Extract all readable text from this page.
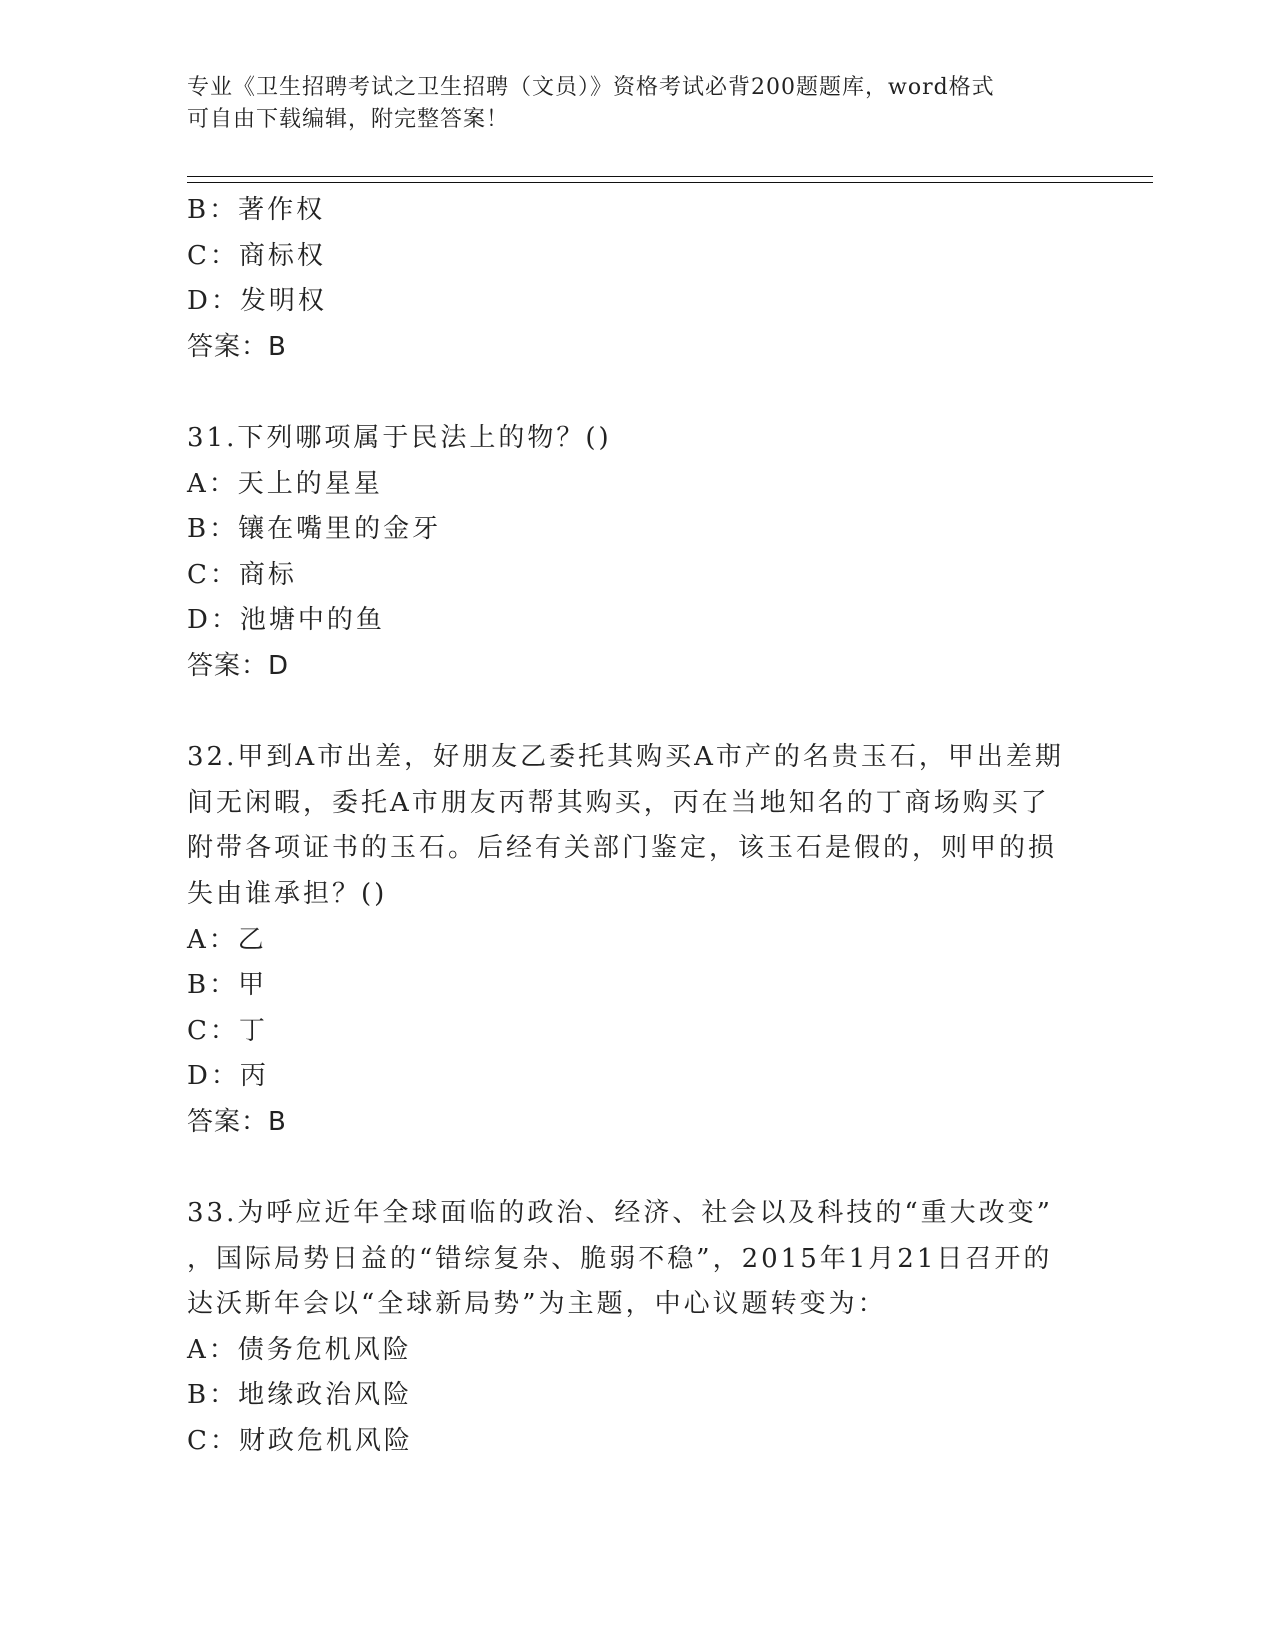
专业《卫生招聘考试之卫生招聘（文员）》资格考试必背200题题库，word格式
可自由下载编辑，附完整答案！
B：著作权
C：商标权
D：发明权
答案：B
31.下列哪项属于民法上的物？()
A：天上的星星
B：镶在嘴里的金牙
C：商标
D：池塘中的鱼
答案：D
32.甲到A市出差，好朋友乙委托其购买A市产的名贵玉石，甲出差期
间无闲暇，委托A市朋友丙帮其购买，丙在当地知名的丁商场购买了
附带各项证书的玉石。后经有关部门鉴定，该玉石是假的，则甲的损
失由谁承担？()
A：乙
B：甲
C：丁
D：丙
答案：B
33.为呼应近年全球面临的政治、经济、社会以及科技的“重大改变”
，国际局势日益的“错综复杂、脆弱不稳”，2015年1月21日召开的
达沃斯年会以“全球新局势”为主题，中心议题转变为：
A：债务危机风险
B：地缘政治风险
C：财政危机风险
